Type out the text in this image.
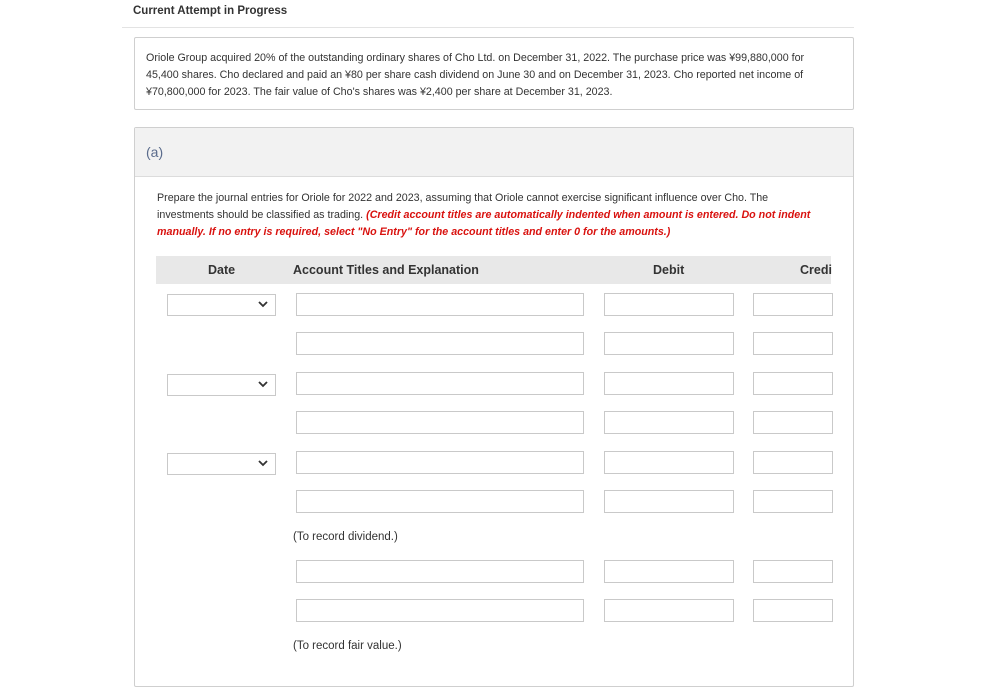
Current Attempt in Progress
Oriole Group acquired 20% of the outstanding ordinary shares of Cho Ltd. on December 31, 2022. The purchase price was ¥99,880,000 for 45,400 shares. Cho declared and paid an ¥80 per share cash dividend on June 30 and on December 31, 2023. Cho reported net income of ¥70,800,000 for 2023. The fair value of Cho's shares was ¥2,400 per share at December 31, 2023.
(a)
Prepare the journal entries for Oriole for 2022 and 2023, assuming that Oriole cannot exercise significant influence over Cho. The investments should be classified as trading. (Credit account titles are automatically indented when amount is entered. Do not indent manually. If no entry is required, select "No Entry" for the account titles and enter 0 for the amounts.)
Date	Account Titles and Explanation	Debit	Credi
(To record dividend.)
(To record fair value.)
